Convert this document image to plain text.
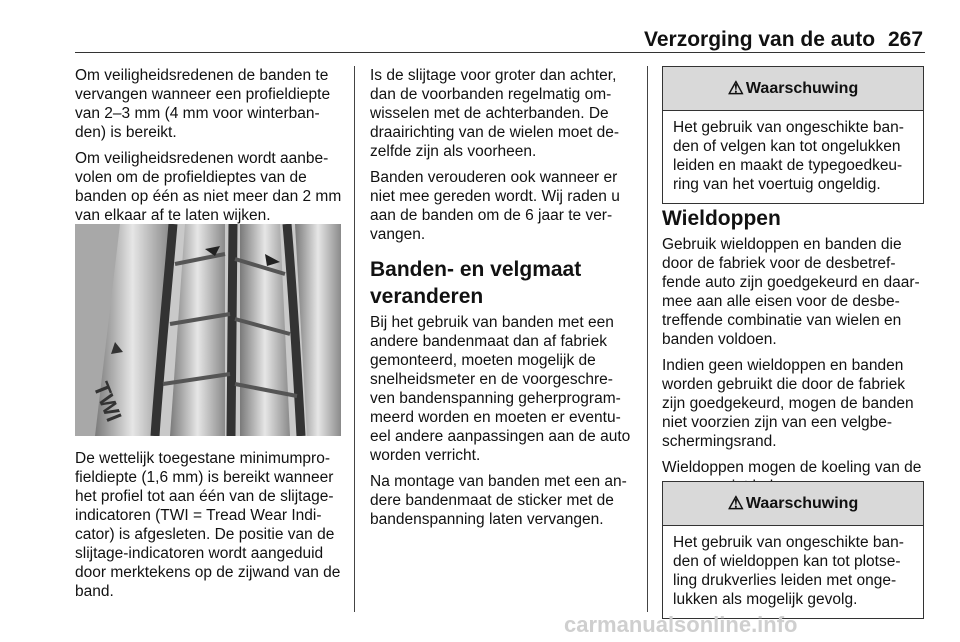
Verzorging van de auto 267

Om veiligheidsredenen de banden te vervangen wanneer een profieldiepte van 2–3 mm (4 mm voor winterban-den) is bereikt.

Om veiligheidsredenen wordt aanbe-volen om de profieldieptes van de banden op één as niet meer dan 2 mm van elkaar af te laten wijken.

TWI

De wettelijk toegestane minimumpro-fieldiepte (1,6 mm) is bereikt wanneer het profiel tot aan één van de slijtage-indicatoren (TWI = Tread Wear Indi-cator) is afgesleten. De positie van de slijtage-indicatoren wordt aangeduid door merktekens op de zijwand van de band.

Is de slijtage voor groter dan achter, dan de voorbanden regelmatig om-wisselen met de achterbanden. De draairichting van de wielen moet de-zelfde zijn als voorheen.

Banden verouderen ook wanneer er niet mee gereden wordt. Wij raden u aan de banden om de 6 jaar te ver-vangen.

Banden- en velgmaat veranderen

Bij het gebruik van banden met een andere bandenmaat dan af fabriek gemonteerd, moeten mogelijk de snelheidsmeter en de voorgeschre-ven bandenspanning geherprogram-meerd worden en moeten er eventu-eel andere aanpassingen aan de auto worden verricht.

Na montage van banden met een an-dere bandenmaat de sticker met de bandenspanning laten vervangen.

⚠ Waarschuwing
Het gebruik van ongeschikte ban-den of velgen kan tot ongelukken leiden en maakt de typegoedkeu-ring van het voertuig ongeldig.
Wieldoppen

Gebruik wieldoppen en banden die door de fabriek voor de desbetref-fende auto zijn goedgekeurd en daar-mee aan alle eisen voor de desbe-treffende combinatie van wielen en banden voldoen.

Indien geen wieldoppen en banden worden gebruikt die door de fabriek zijn goedgekeurd, mogen de banden niet voorzien zijn van een velgbe-schermingsrand.

Wieldoppen mogen de koeling van de

⚠ Waarschuwing
Het gebruik van ongeschikte ban-den of wieldoppen kan tot plotse-ling drukverlies leiden met onge-lukken als mogelijk gevolg.
carmanualsonline.info
